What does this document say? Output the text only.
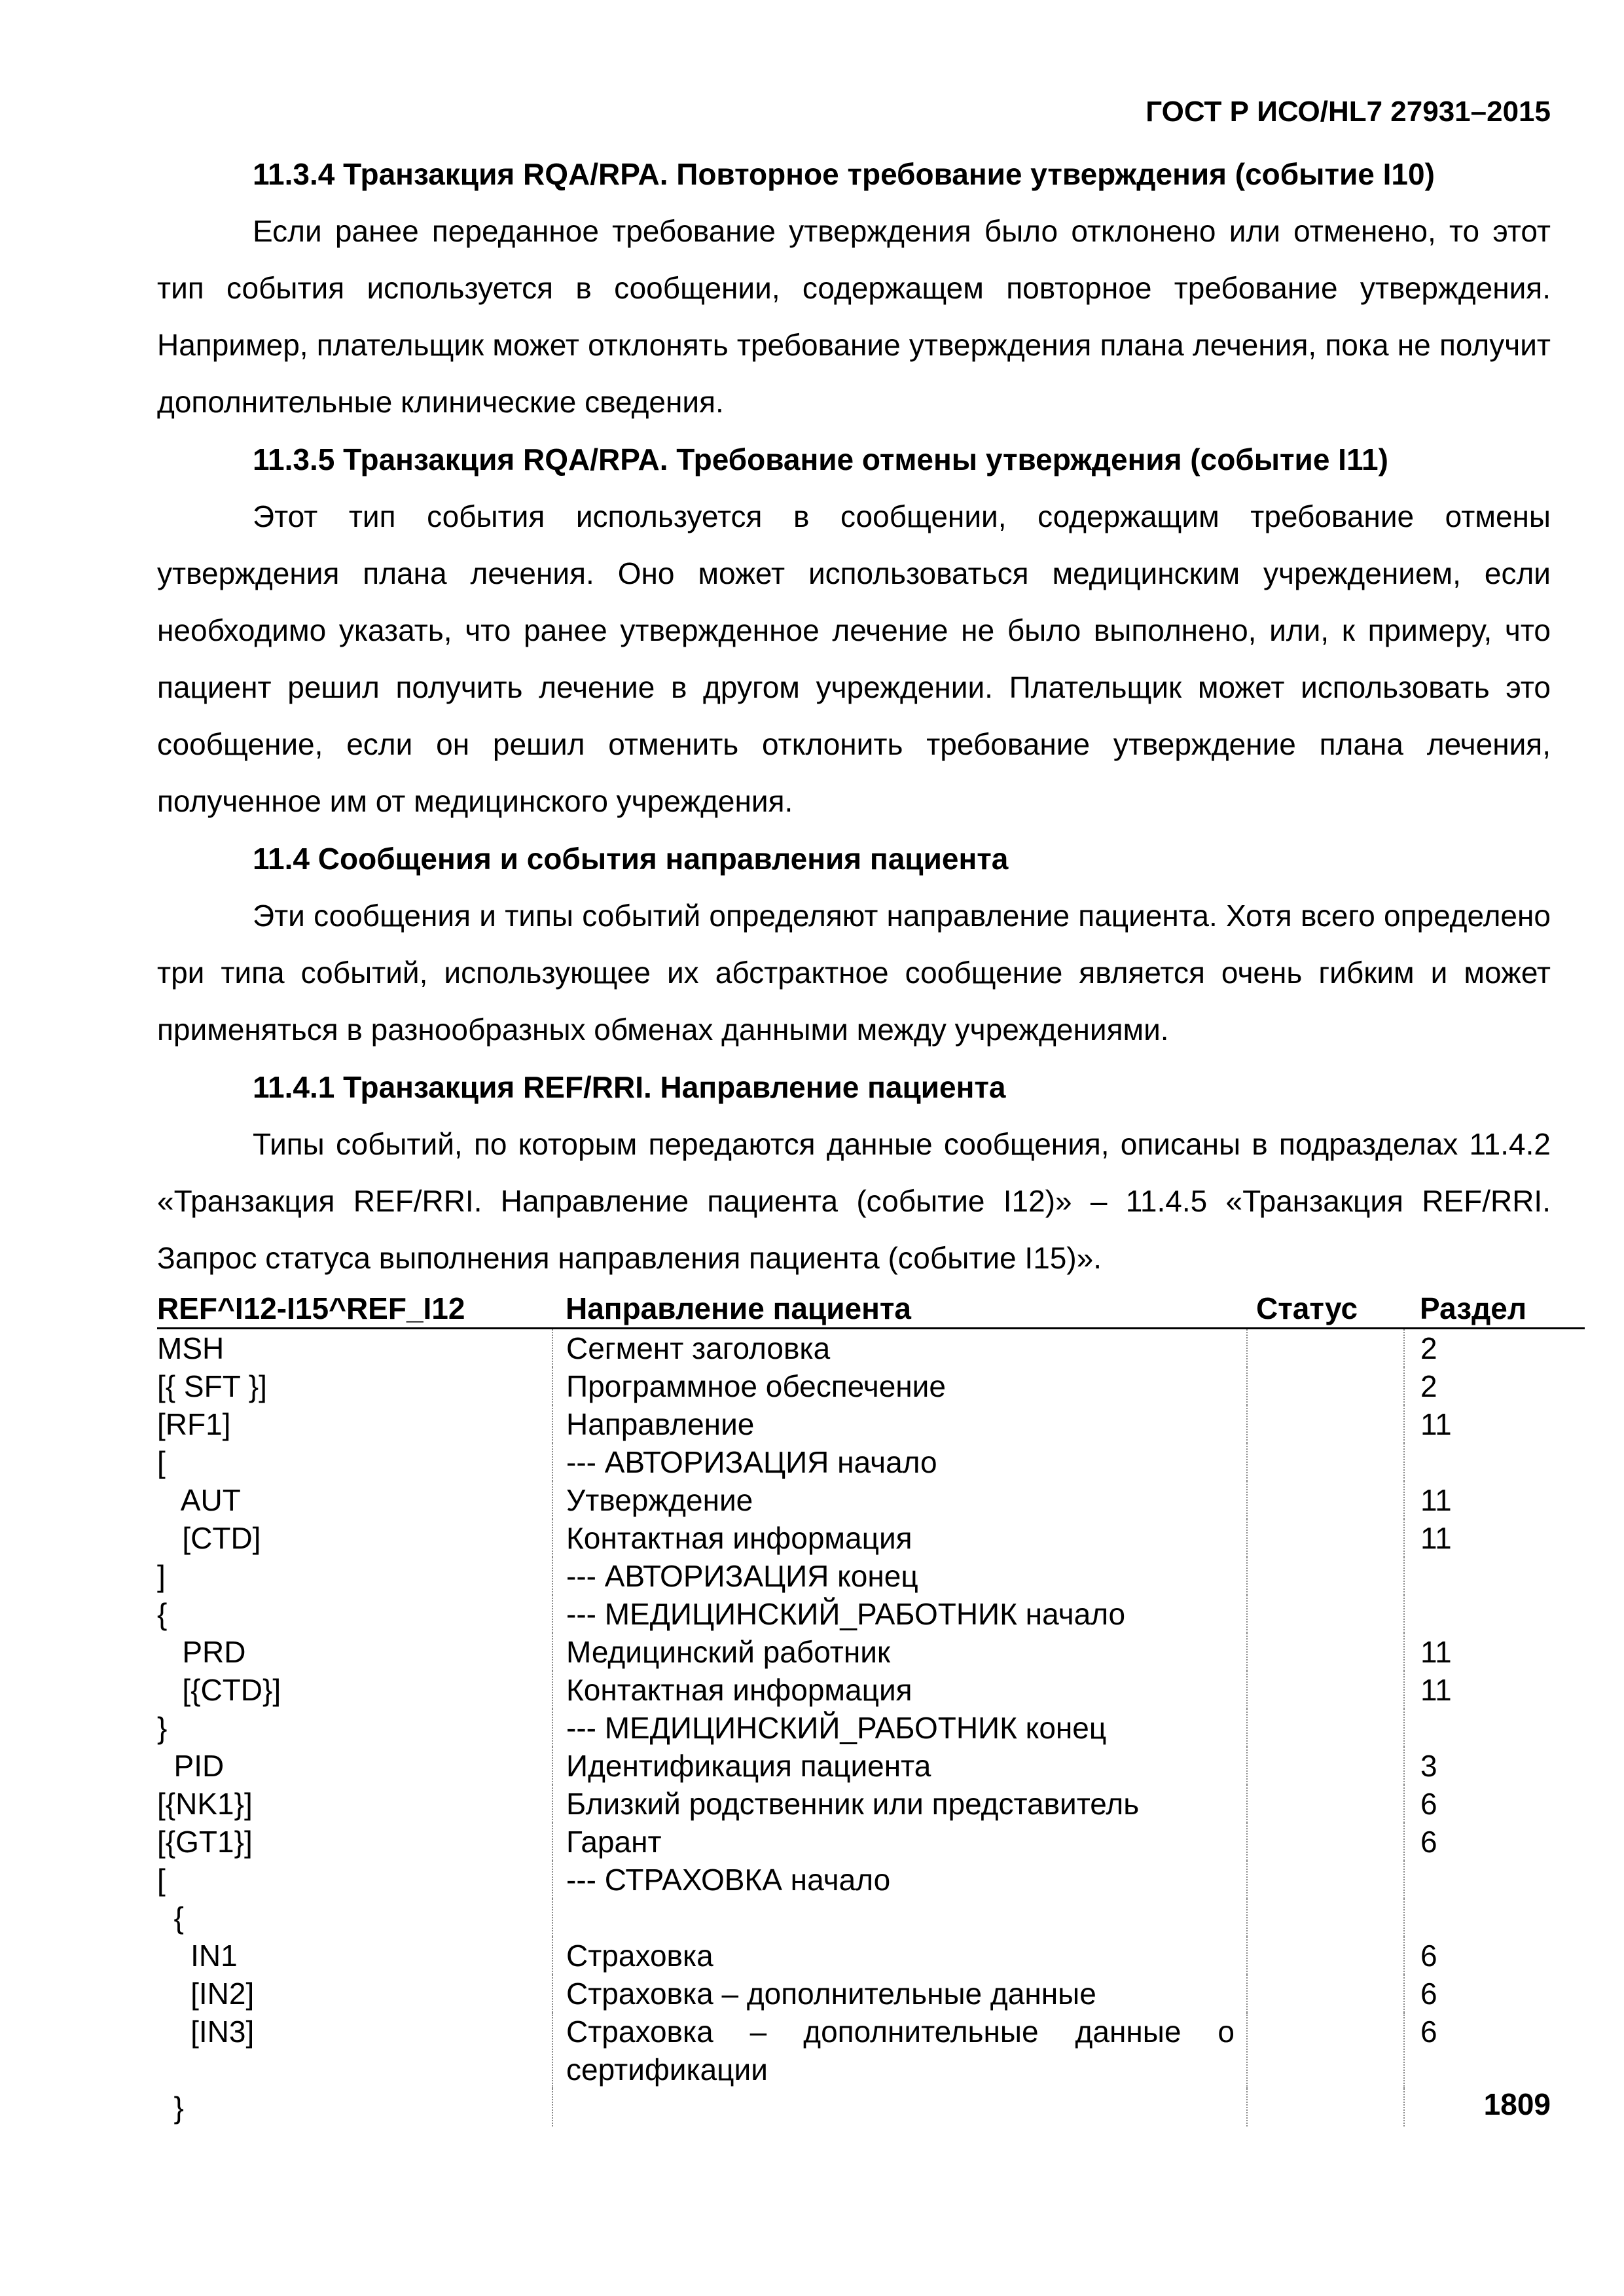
ГОСТ Р ИСО/HL7 27931–2015

11.3.4 Транзакция RQA/RPA. Повторное требование утверждения (событие I10)

Если ранее переданное требование утверждения было отклонено или отменено, то этот тип события используется в сообщении, содержащем повторное требование утверждения. Например, плательщик может отклонять требование утверждения плана лечения, пока не получит дополнительные клинические сведения.

11.3.5 Транзакция RQA/RPA. Требование отмены утверждения (событие I11)

Этот тип события используется в сообщении, содержащим требование отмены утверждения плана лечения. Оно может использоваться медицинским учреждением, если необходимо указать, что ранее утвержденное лечение не было выполнено, или, к примеру, что пациент решил получить лечение в другом учреждении. Плательщик может использовать это сообщение, если он решил отменить отклонить требование утверждение плана лечения, полученное им от медицинского учреждения.

11.4 Сообщения и события направления пациента

Эти сообщения и типы событий определяют направление пациента. Хотя всего определено три типа событий, использующее их абстрактное сообщение является очень гибким и может применяться в разнообразных обменах данными между учреждениями.

11.4.1 Транзакция REF/RRI. Направление пациента

Типы событий, по которым передаются данные сообщения, описаны в подразделах 11.4.2 «Транзакция REF/RRI. Направление пациента (событие I12)» – 11.4.5 «Транзакция REF/RRI. Запрос статуса выполнения направления пациента (событие I15)».

REF^I12-I15^REF_I12	Направление пациента	Статус	Раздел
MSH	Сегмент заголовка		2
[{ SFT }]	Программное обеспечение		2
[RF1]	Направление		11
[	--- АВТОРИЗАЦИЯ начало		
AUT	Утверждение		11
[CTD]	Контактная информация		11
]	--- АВТОРИЗАЦИЯ конец		
{	--- МЕДИЦИНСКИЙ_РАБОТНИК начало		
PRD	Медицинский работник		11
[{CTD}]	Контактная информация		11
}	--- МЕДИЦИНСКИЙ_РАБОТНИК конец		
PID	Идентификация пациента		3
[{NK1}]	Близкий родственник или представитель		6
[{GT1}]	Гарант		6
[	--- СТРАХОВКА начало		
{			
IN1	Страховка		6
[IN2]	Страховка – дополнительные данные		6
[IN3]	Страховка – дополнительные данные о сертификации		6
}				1809
